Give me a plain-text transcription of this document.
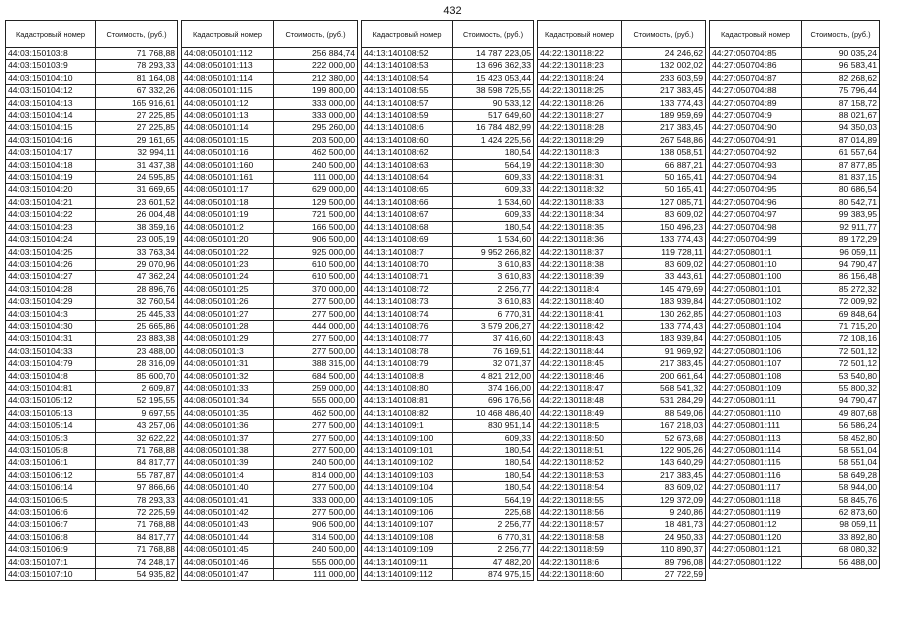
432
Кадастровый номер	Стоимость, (руб.)
44:03:150103:8	71 768,88
44:03:150103:9	78 293,33
44:03:150104:10	81 164,08
44:03:150104:12	67 332,26
44:03:150104:13	165 916,61
44:03:150104:14	27 225,85
44:03:150104:15	27 225,85
44:03:150104:16	29 161,65
44:03:150104:17	32 994,11
44:03:150104:18	31 437,38
44:03:150104:19	24 595,85
44:03:150104:20	31 669,65
44:03:150104:21	23 601,52
44:03:150104:22	26 004,48
44:03:150104:23	38 359,16
44:03:150104:24	23 005,19
44:03:150104:25	33 763,34
44:03:150104:26	29 070,96
44:03:150104:27	47 362,24
44:03:150104:28	28 896,76
44:03:150104:29	32 760,54
44:03:150104:3	25 445,33
44:03:150104:30	25 665,86
44:03:150104:31	23 883,38
44:03:150104:33	23 488,00
44:03:150104:79	28 316,09
44:03:150104:8	85 600,70
44:03:150104:81	2 609,87
44:03:150105:12	52 195,55
44:03:150105:13	9 697,55
44:03:150105:14	43 257,06
44:03:150105:3	32 622,22
44:03:150105:8	71 768,88
44:03:150106:1	84 817,77
44:03:150106:12	55 787,87
44:03:150106:14	97 866,66
44:03:150106:5	78 293,33
44:03:150106:6	72 225,59
44:03:150106:7	71 768,88
44:03:150106:8	84 817,77
44:03:150106:9	71 768,88
44:03:150107:1	74 248,17
44:03:150107:10	54 935,82
Кадастровый номер	Стоимость, (руб.)
44:08:050101:112	256 884,74
44:08:050101:113	222 000,00
44:08:050101:114	212 380,00
44:08:050101:115	199 800,00
44:08:050101:12	333 000,00
44:08:050101:13	333 000,00
44:08:050101:14	295 260,00
44:08:050101:15	203 500,00
44:08:050101:16	462 500,00
44:08:050101:160	240 500,00
44:08:050101:161	111 000,00
44:08:050101:17	629 000,00
44:08:050101:18	129 500,00
44:08:050101:19	721 500,00
44:08:050101:2	166 500,00
44:08:050101:20	906 500,00
44:08:050101:22	925 000,00
44:08:050101:23	610 500,00
44:08:050101:24	610 500,00
44:08:050101:25	370 000,00
44:08:050101:26	277 500,00
44:08:050101:27	277 500,00
44:08:050101:28	444 000,00
44:08:050101:29	277 500,00
44:08:050101:3	277 500,00
44:08:050101:31	388 315,00
44:08:050101:32	684 500,00
44:08:050101:33	259 000,00
44:08:050101:34	555 000,00
44:08:050101:35	462 500,00
44:08:050101:36	277 500,00
44:08:050101:37	277 500,00
44:08:050101:38	277 500,00
44:08:050101:39	240 500,00
44:08:050101:4	814 000,00
44:08:050101:40	277 500,00
44:08:050101:41	333 000,00
44:08:050101:42	277 500,00
44:08:050101:43	906 500,00
44:08:050101:44	314 500,00
44:08:050101:45	240 500,00
44:08:050101:46	555 000,00
44:08:050101:47	111 000,00
Кадастровый номер	Стоимость, (руб.)
44:13:140108:52	14 787 223,05
44:13:140108:53	13 696 362,33
44:13:140108:54	15 423 053,44
44:13:140108:55	38 598 725,55
44:13:140108:57	90 533,12
44:13:140108:59	517 649,60
44:13:140108:6	16 784 482,99
44:13:140108:60	1 424 225,56
44:13:140108:62	180,54
44:13:140108:63	564,19
44:13:140108:64	609,33
44:13:140108:65	609,33
44:13:140108:66	1 534,60
44:13:140108:67	609,33
44:13:140108:68	180,54
44:13:140108:69	1 534,60
44:13:140108:7	9 952 266,82
44:13:140108:70	3 610,83
44:13:140108:71	3 610,83
44:13:140108:72	2 256,77
44:13:140108:73	3 610,83
44:13:140108:74	6 770,31
44:13:140108:76	3 579 206,27
44:13:140108:77	37 416,60
44:13:140108:78	76 169,51
44:13:140108:79	32 071,37
44:13:140108:8	4 821 212,00
44:13:140108:80	374 166,00
44:13:140108:81	696 176,56
44:13:140108:82	10 468 486,40
44:13:140109:1	830 951,14
44:13:140109:100	609,33
44:13:140109:101	180,54
44:13:140109:102	180,54
44:13:140109:103	180,54
44:13:140109:104	180,54
44:13:140109:105	564,19
44:13:140109:106	225,68
44:13:140109:107	2 256,77
44:13:140109:108	6 770,31
44:13:140109:109	2 256,77
44:13:140109:11	47 482,20
44:13:140109:112	874 975,15
Кадастровый номер	Стоимость, (руб.)
44:22:130118:22	24 246,62
44:22:130118:23	132 002,02
44:22:130118:24	233 603,59
44:22:130118:25	217 383,45
44:22:130118:26	133 774,43
44:22:130118:27	189 959,69
44:22:130118:28	217 383,45
44:22:130118:29	267 548,86
44:22:130118:3	138 058,51
44:22:130118:30	66 887,21
44:22:130118:31	50 165,41
44:22:130118:32	50 165,41
44:22:130118:33	127 085,71
44:22:130118:34	83 609,02
44:22:130118:35	150 496,23
44:22:130118:36	133 774,43
44:22:130118:37	119 728,11
44:22:130118:38	83 609,02
44:22:130118:39	33 443,61
44:22:130118:4	145 479,69
44:22:130118:40	183 939,84
44:22:130118:41	130 262,85
44:22:130118:42	133 774,43
44:22:130118:43	183 939,84
44:22:130118:44	91 969,92
44:22:130118:45	217 383,45
44:22:130118:46	200 661,64
44:22:130118:47	568 541,32
44:22:130118:48	531 284,29
44:22:130118:49	88 549,06
44:22:130118:5	167 218,03
44:22:130118:50	52 673,68
44:22:130118:51	122 905,26
44:22:130118:52	143 640,29
44:22:130118:53	217 383,45
44:22:130118:54	83 609,02
44:22:130118:55	129 372,09
44:22:130118:56	9 240,86
44:22:130118:57	18 481,73
44:22:130118:58	24 950,33
44:22:130118:59	110 890,37
44:22:130118:6	89 796,08
44:22:130118:60	27 722,59
Кадастровый номер	Стоимость, (руб.)
44:27:050704:85	90 035,24
44:27:050704:86	96 583,41
44:27:050704:87	82 268,62
44:27:050704:88	75 796,44
44:27:050704:89	87 158,72
44:27:050704:9	88 021,67
44:27:050704:90	94 350,03
44:27:050704:91	87 014,89
44:27:050704:92	61 557,64
44:27:050704:93	87 877,85
44:27:050704:94	81 837,15
44:27:050704:95	80 686,54
44:27:050704:96	80 542,71
44:27:050704:97	99 383,95
44:27:050704:98	92 911,77
44:27:050704:99	89 172,29
44:27:050801:1	96 059,11
44:27:050801:10	94 790,47
44:27:050801:100	86 156,48
44:27:050801:101	85 272,32
44:27:050801:102	72 009,92
44:27:050801:103	69 848,64
44:27:050801:104	71 715,20
44:27:050801:105	72 108,16
44:27:050801:106	72 501,12
44:27:050801:107	72 501,12
44:27:050801:108	53 540,80
44:27:050801:109	55 800,32
44:27:050801:11	94 790,47
44:27:050801:110	49 807,68
44:27:050801:111	56 586,24
44:27:050801:113	58 452,80
44:27:050801:114	58 551,04
44:27:050801:115	58 551,04
44:27:050801:116	58 649,28
44:27:050801:117	58 944,00
44:27:050801:118	58 845,76
44:27:050801:119	62 873,60
44:27:050801:12	98 059,11
44:27:050801:120	33 892,80
44:27:050801:121	68 080,32
44:27:050801:122	56 488,00
